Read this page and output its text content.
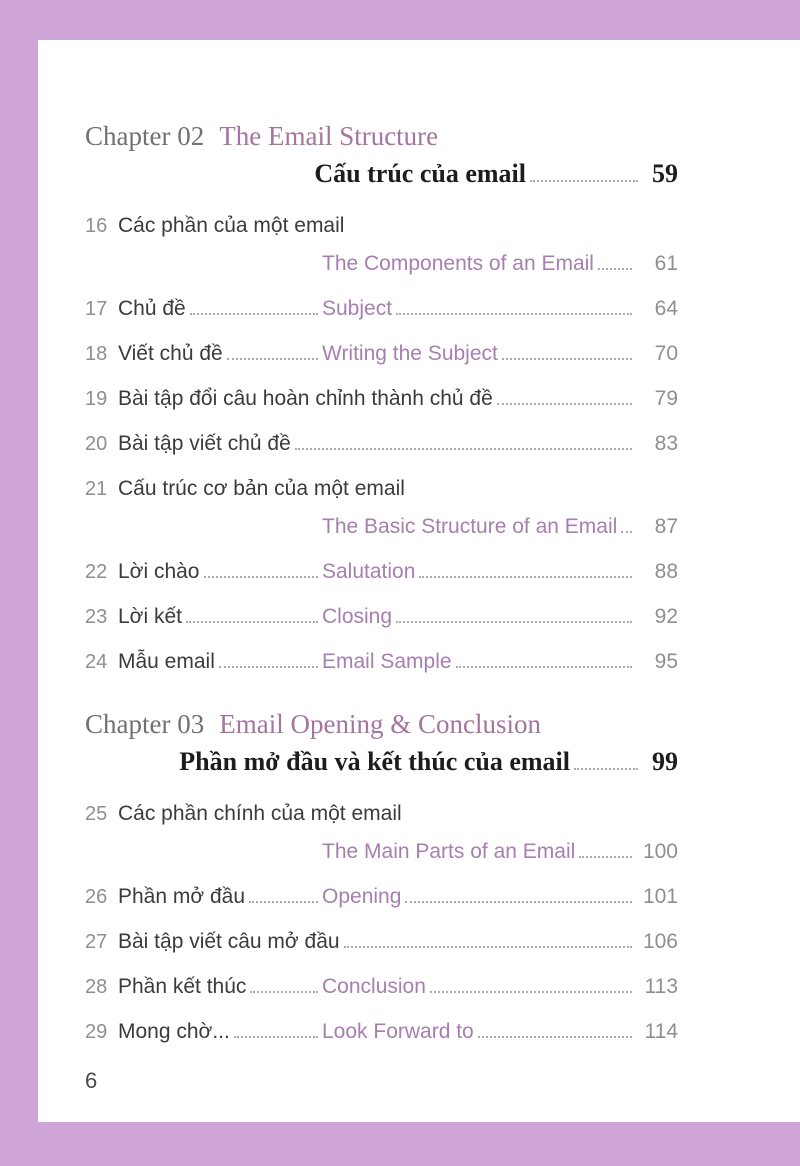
Chapter 02 The Email Structure
Cấu trúc của email	59
16 Các phần của một email
The Components of an Email	61
17 Chủ đề	Subject	64
18 Viết chủ đề	Writing the Subject	70
19 Bài tập đổi câu hoàn chỉnh thành chủ đề	79
20 Bài tập viết chủ đề	83
21 Cấu trúc cơ bản của một email
The Basic Structure of an Email	87
22 Lời chào	Salutation	88
23 Lời kết	Closing	92
24 Mẫu email	Email Sample	95
Chapter 03 Email Opening & Conclusion
Phần mở đầu và kết thúc của email	99
25 Các phần chính của một email
The Main Parts of an Email	100
26 Phần mở đầu	Opening	101
27 Bài tập viết câu mở đầu	106
28 Phần kết thúc	Conclusion	113
29 Mong chờ...	Look Forward to	114
6
